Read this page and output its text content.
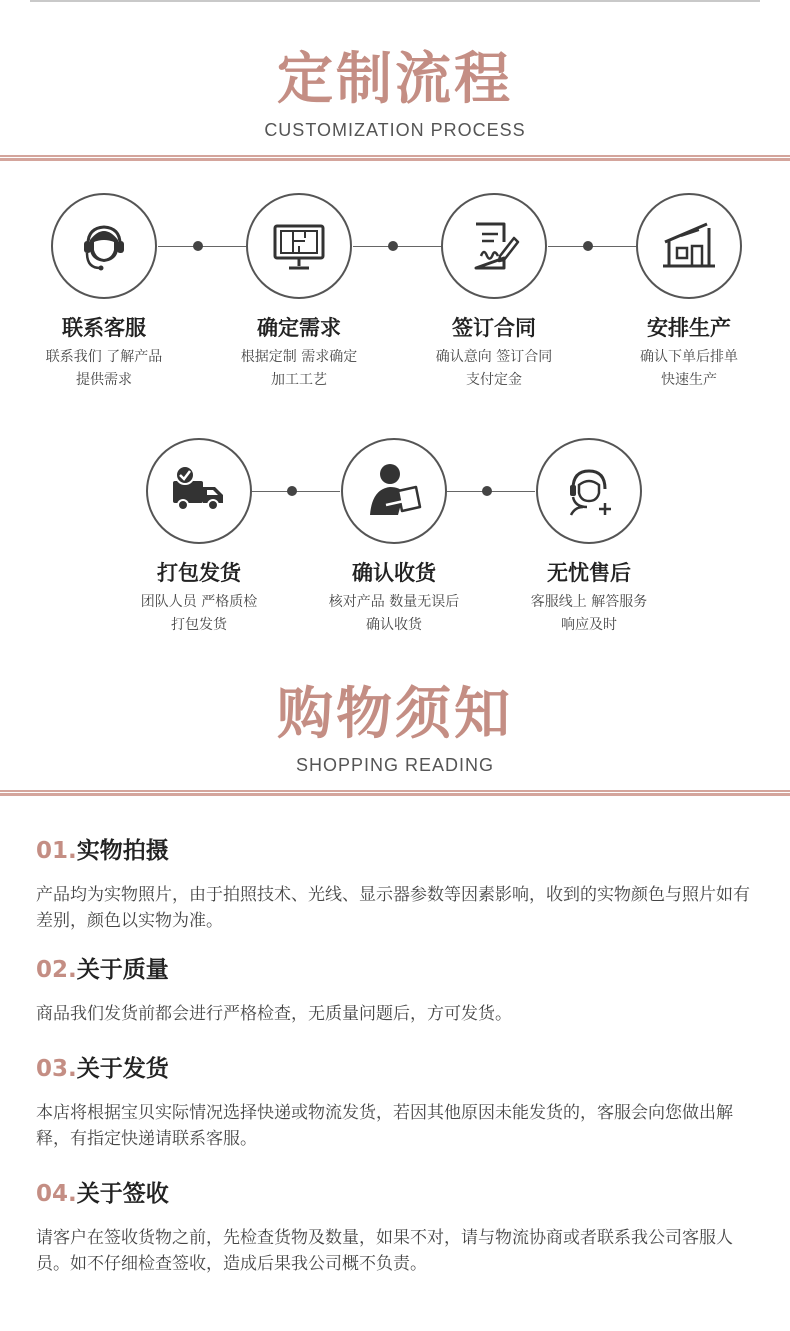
定制流程
CUSTOMIZATION PROCESS
联系客服
联系我们 了解产品
提供需求
确定需求
根据定制 需求确定
加工工艺
签订合同
确认意向 签订合同
支付定金
安排生产
确认下单后排单
快速生产
打包发货
团队人员 严格质检
打包发货
确认收货
核对产品 数量无误后
确认收货
无忧售后
客服线上 解答服务
响应及时
购物须知
SHOPPING READING
01.实物拍摄
产品均为实物照片，由于拍照技术、光线、显示器参数等因素影响，收到的实物颜色与照片如有差别，颜色以实物为准。
02.关于质量
商品我们发货前都会进行严格检查，无质量问题后，方可发货。
03.关于发货
本店将根据宝贝实际情况选择快递或物流发货，若因其他原因未能发货的，客服会向您做出解释，有指定快递请联系客服。
04.关于签收
请客户在签收货物之前，先检查货物及数量，如果不对，请与物流协商或者联系我公司客服人员。如不仔细检查签收，造成后果我公司概不负责。
